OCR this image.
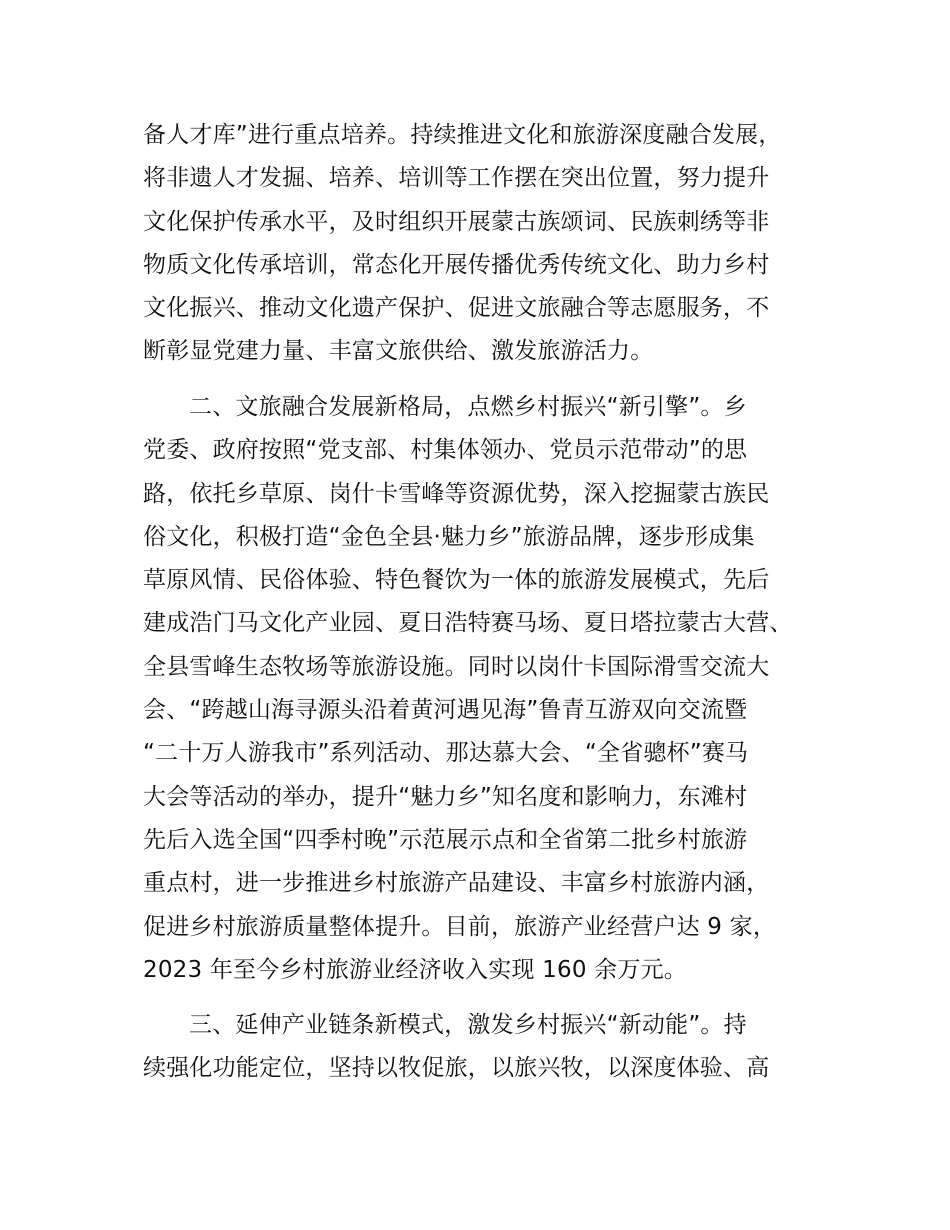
备人才库”进行重点培养。持续推进文化和旅游深度融合发展，
将非遗人才发掘、培养、培训等工作摆在突出位置，努力提升
文化保护传承水平，及时组织开展蒙古族颂词、民族刺绣等非
物质文化传承培训，常态化开展传播优秀传统文化、助力乡村
文化振兴、推动文化遗产保护、促进文旅融合等志愿服务，不
断彰显党建力量、丰富文旅供给、激发旅游活力。
二、文旅融合发展新格局，点燃乡村振兴“新引擎”。乡
党委、政府按照“党支部、村集体领办、党员示范带动”的思
路，依托乡草原、岗什卡雪峰等资源优势，深入挖掘蒙古族民
俗文化，积极打造“金色全县·魅力乡”旅游品牌，逐步形成集
草原风情、民俗体验、特色餐饮为一体的旅游发展模式，先后
建成浩门马文化产业园、夏日浩特赛马场、夏日塔拉蒙古大营、
全县雪峰生态牧场等旅游设施。同时以岗什卡国际滑雪交流大
会、“跨越山海寻源头沿着黄河遇见海”鲁青互游双向交流暨
“二十万人游我市”系列活动、那达慕大会、“全省骢杯”赛马
大会等活动的举办，提升“魅力乡”知名度和影响力，东滩村
先后入选全国“四季村晚”示范展示点和全省第二批乡村旅游
重点村，进一步推进乡村旅游产品建设、丰富乡村旅游内涵，
促进乡村旅游质量整体提升。目前，旅游产业经营户达 9 家，
2023 年至今乡村旅游业经济收入实现 160 余万元。
三、延伸产业链条新模式，激发乡村振兴“新动能”。持
续强化功能定位，坚持以牧促旅，以旅兴牧，以深度体验、高
